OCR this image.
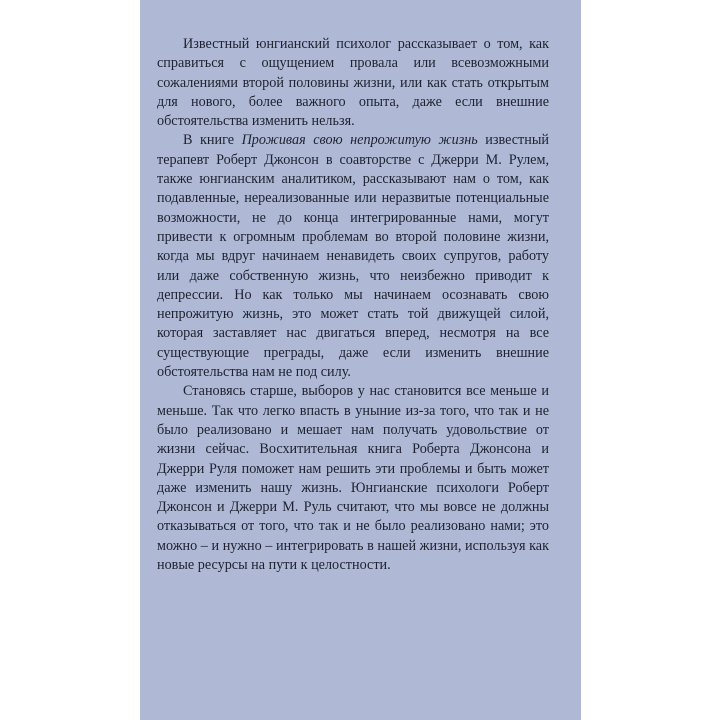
Известный юнгианский психолог рассказывает о том, как справиться с ощущением провала или всевозможными сожалениями второй половины жизни, или как стать открытым для нового, более важного опыта, даже если внешние обстоятельства изменить нельзя.

В книге Проживая свою непрожитую жизнь известный терапевт Роберт Джонсон в соавторстве с Джерри М. Рулем, также юнгианским аналитиком, рассказывают нам о том, как подавленные, нереализованные или неразвитые потенциальные возможности, не до конца интегрированные нами, могут привести к огромным проблемам во второй половине жизни, когда мы вдруг начинаем ненавидеть своих супругов, работу или даже собственную жизнь, что неизбежно приводит к депрессии. Но как только мы начинаем осознавать свою непрожитую жизнь, это может стать той движущей силой, которая заставляет нас двигаться вперед, несмотря на все существующие преграды, даже если изменить внешние обстоятельства нам не под силу.

Становясь старше, выборов у нас становится все меньше и меньше. Так что легко впасть в уныние из-за того, что так и не было реализовано и мешает нам получать удовольствие от жизни сейчас. Восхитительная книга Роберта Джонсона и Джерри Руля поможет нам решить эти проблемы и быть может даже изменить нашу жизнь. Юнгианские психологи Роберт Джонсон и Джерри М. Руль считают, что мы вовсе не должны отказываться от того, что так и не было реализовано нами; это можно – и нужно – интегрировать в нашей жизни, используя как новые ресурсы на пути к целостности.
